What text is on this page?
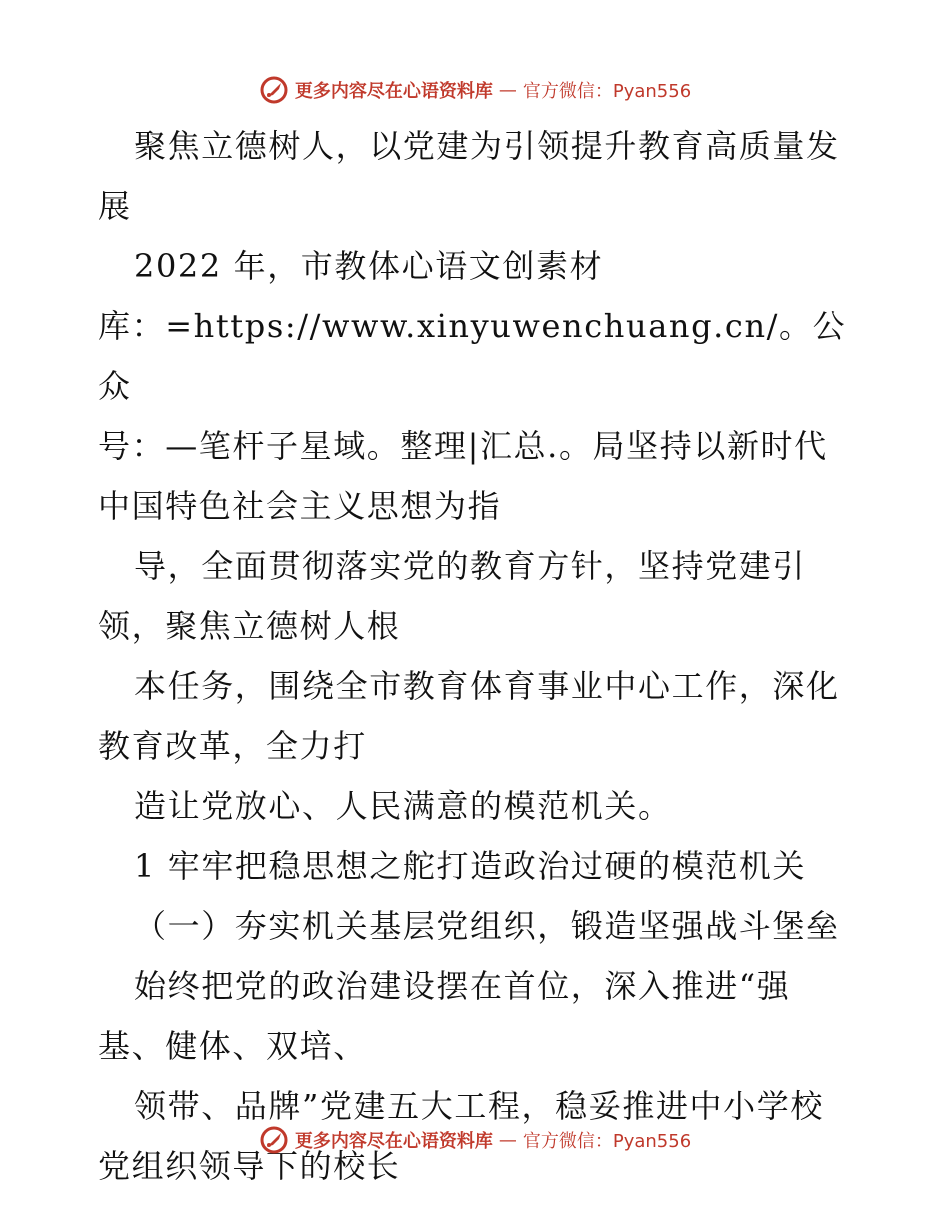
更多内容尽在心语资料库 — 官方微信：Pyan556

聚焦立德树人，以党建为引领提升教育高质量发

展

2022 年，市教体心语文创素材

库：=https://www.xinyuwenchuang.cn/。公众

号：—笔杆子星域。整理|汇总.。局坚持以新时代

中国特色社会主义思想为指

导，全面贯彻落实党的教育方针，坚持党建引

领，聚焦立德树人根

本任务，围绕全市教育体育事业中心工作，深化

教育改革，全力打

造让党放心、人民满意的模范机关。

1 牢牢把稳思想之舵打造政治过硬的模范机关

（一）夯实机关基层党组织，锻造坚强战斗堡垒

始终把党的政治建设摆在首位，深入推进“强

基、健体、双培、

领带、品牌”党建五大工程，稳妥推进中小学校

党组织领导下的校长

更多内容尽在心语资料库 — 官方微信：Pyan556
